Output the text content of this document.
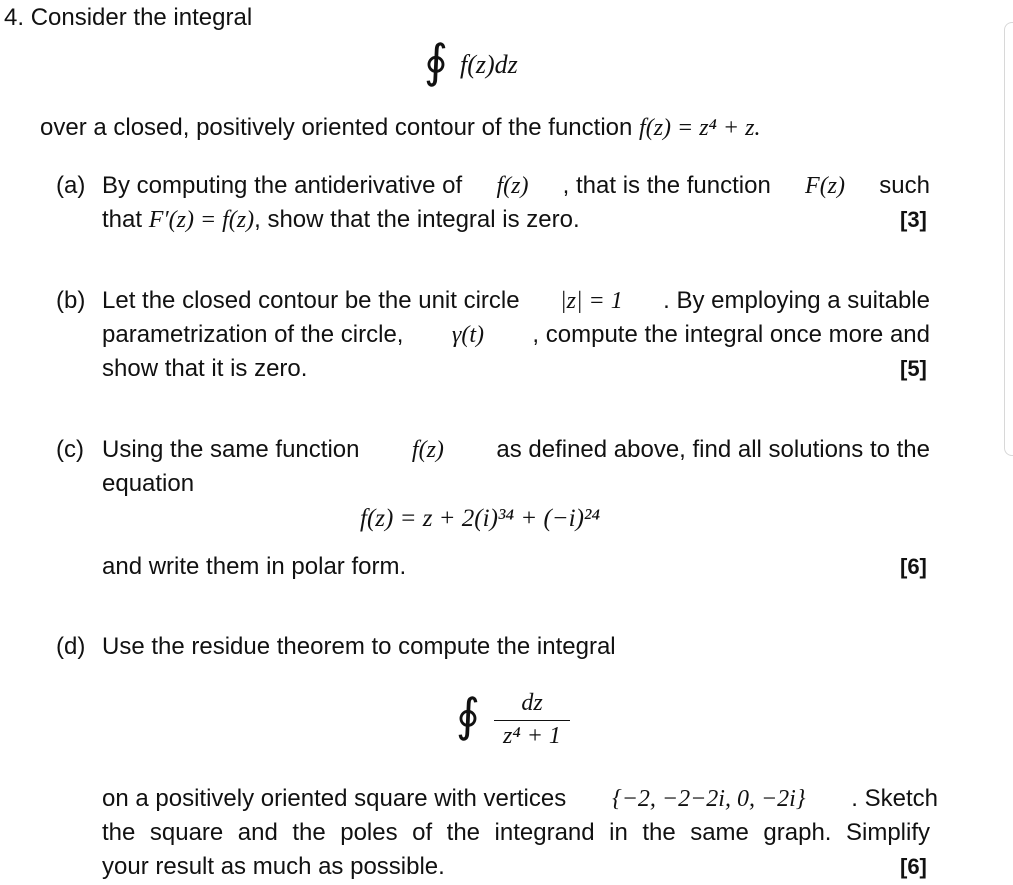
4. Consider the integral
∮ f(z)dz
over a closed, positively oriented contour of the function f(z) = z⁴ + z.
(a) By computing the antiderivative of f(z) , that is the function F(z) such
that F′(z) = f(z), show that the integral is zero.	[3]
(b) Let the closed contour be the unit circle |z| = 1 . By employing a suitable
parametrization of the circle, γ(t) , compute the integral once more and
show that it is zero.	[5]
(c) Using the same function f(z) as defined above, find all solutions to the
equation
f(z) = z + 2(i)³⁴ + (−i)²⁴
and write them in polar form.	[6]
(d) Use the residue theorem to compute the integral
∮	dz
z⁴ + 1
on a positively oriented square with vertices {−2, −2−2i, 0, −2i} . Sketch
the square and the poles of the integrand in the same graph. Simplify
your result as much as possible.	[6]
